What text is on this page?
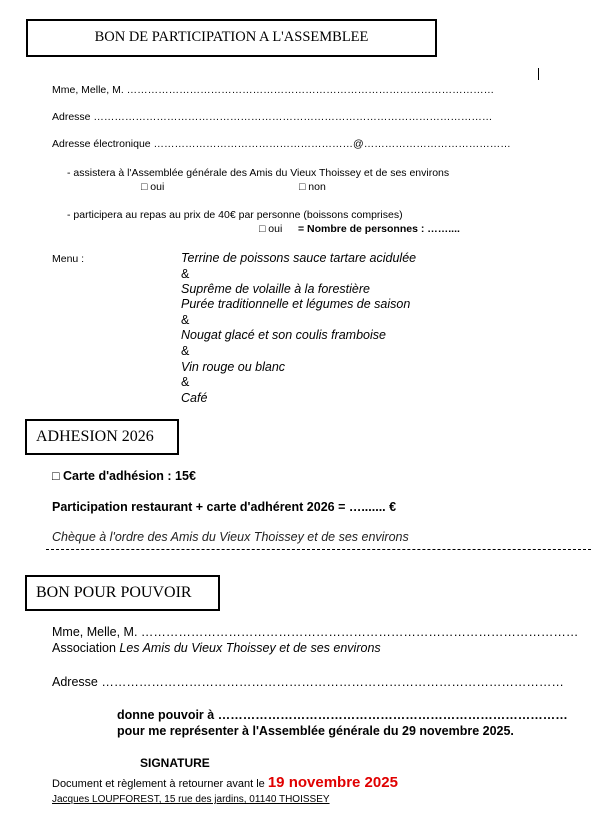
BON DE PARTICIPATION A L'ASSEMBLEE
Mme, Melle, M. ……………………………………………………………………………………………
Adresse ……………………………………………………………………………………………………
Adresse électronique …………………………………………………@……………………………………
- assistera à l'Assemblée générale des Amis du Vieux Thoissey et de ses environs
□ oui	□ non
- participera au repas au prix de 40€ par personne (boissons comprises)
□ oui = Nombre de personnes : ……....
Menu :	Terrine de poissons sauce tartare acidulée
&
Suprême de volaille à la forestière
Purée traditionnelle et légumes de saison
&
Nougat glacé et son coulis framboise
&
Vin rouge ou blanc
&
Café
ADHESION 2026
□ Carte d'adhésion : 15€
Participation restaurant + carte d'adhérent 2026 = …....... €
Chèque à l'ordre des Amis du Vieux Thoissey et de ses environs
BON POUR POUVOIR
Mme, Melle, M. ……………………………………………………………………………………………
Association Les Amis du Vieux Thoissey et de ses environs
Adresse …………………………………………………………………………………………………
donne pouvoir à …………………………………………………………………………
pour me représenter à l'Assemblée générale du 29 novembre 2025.
SIGNATURE
Document et règlement à retourner avant le 19 novembre 2025
Jacques LOUPFOREST, 15 rue des jardins, 01140 THOISSEY
